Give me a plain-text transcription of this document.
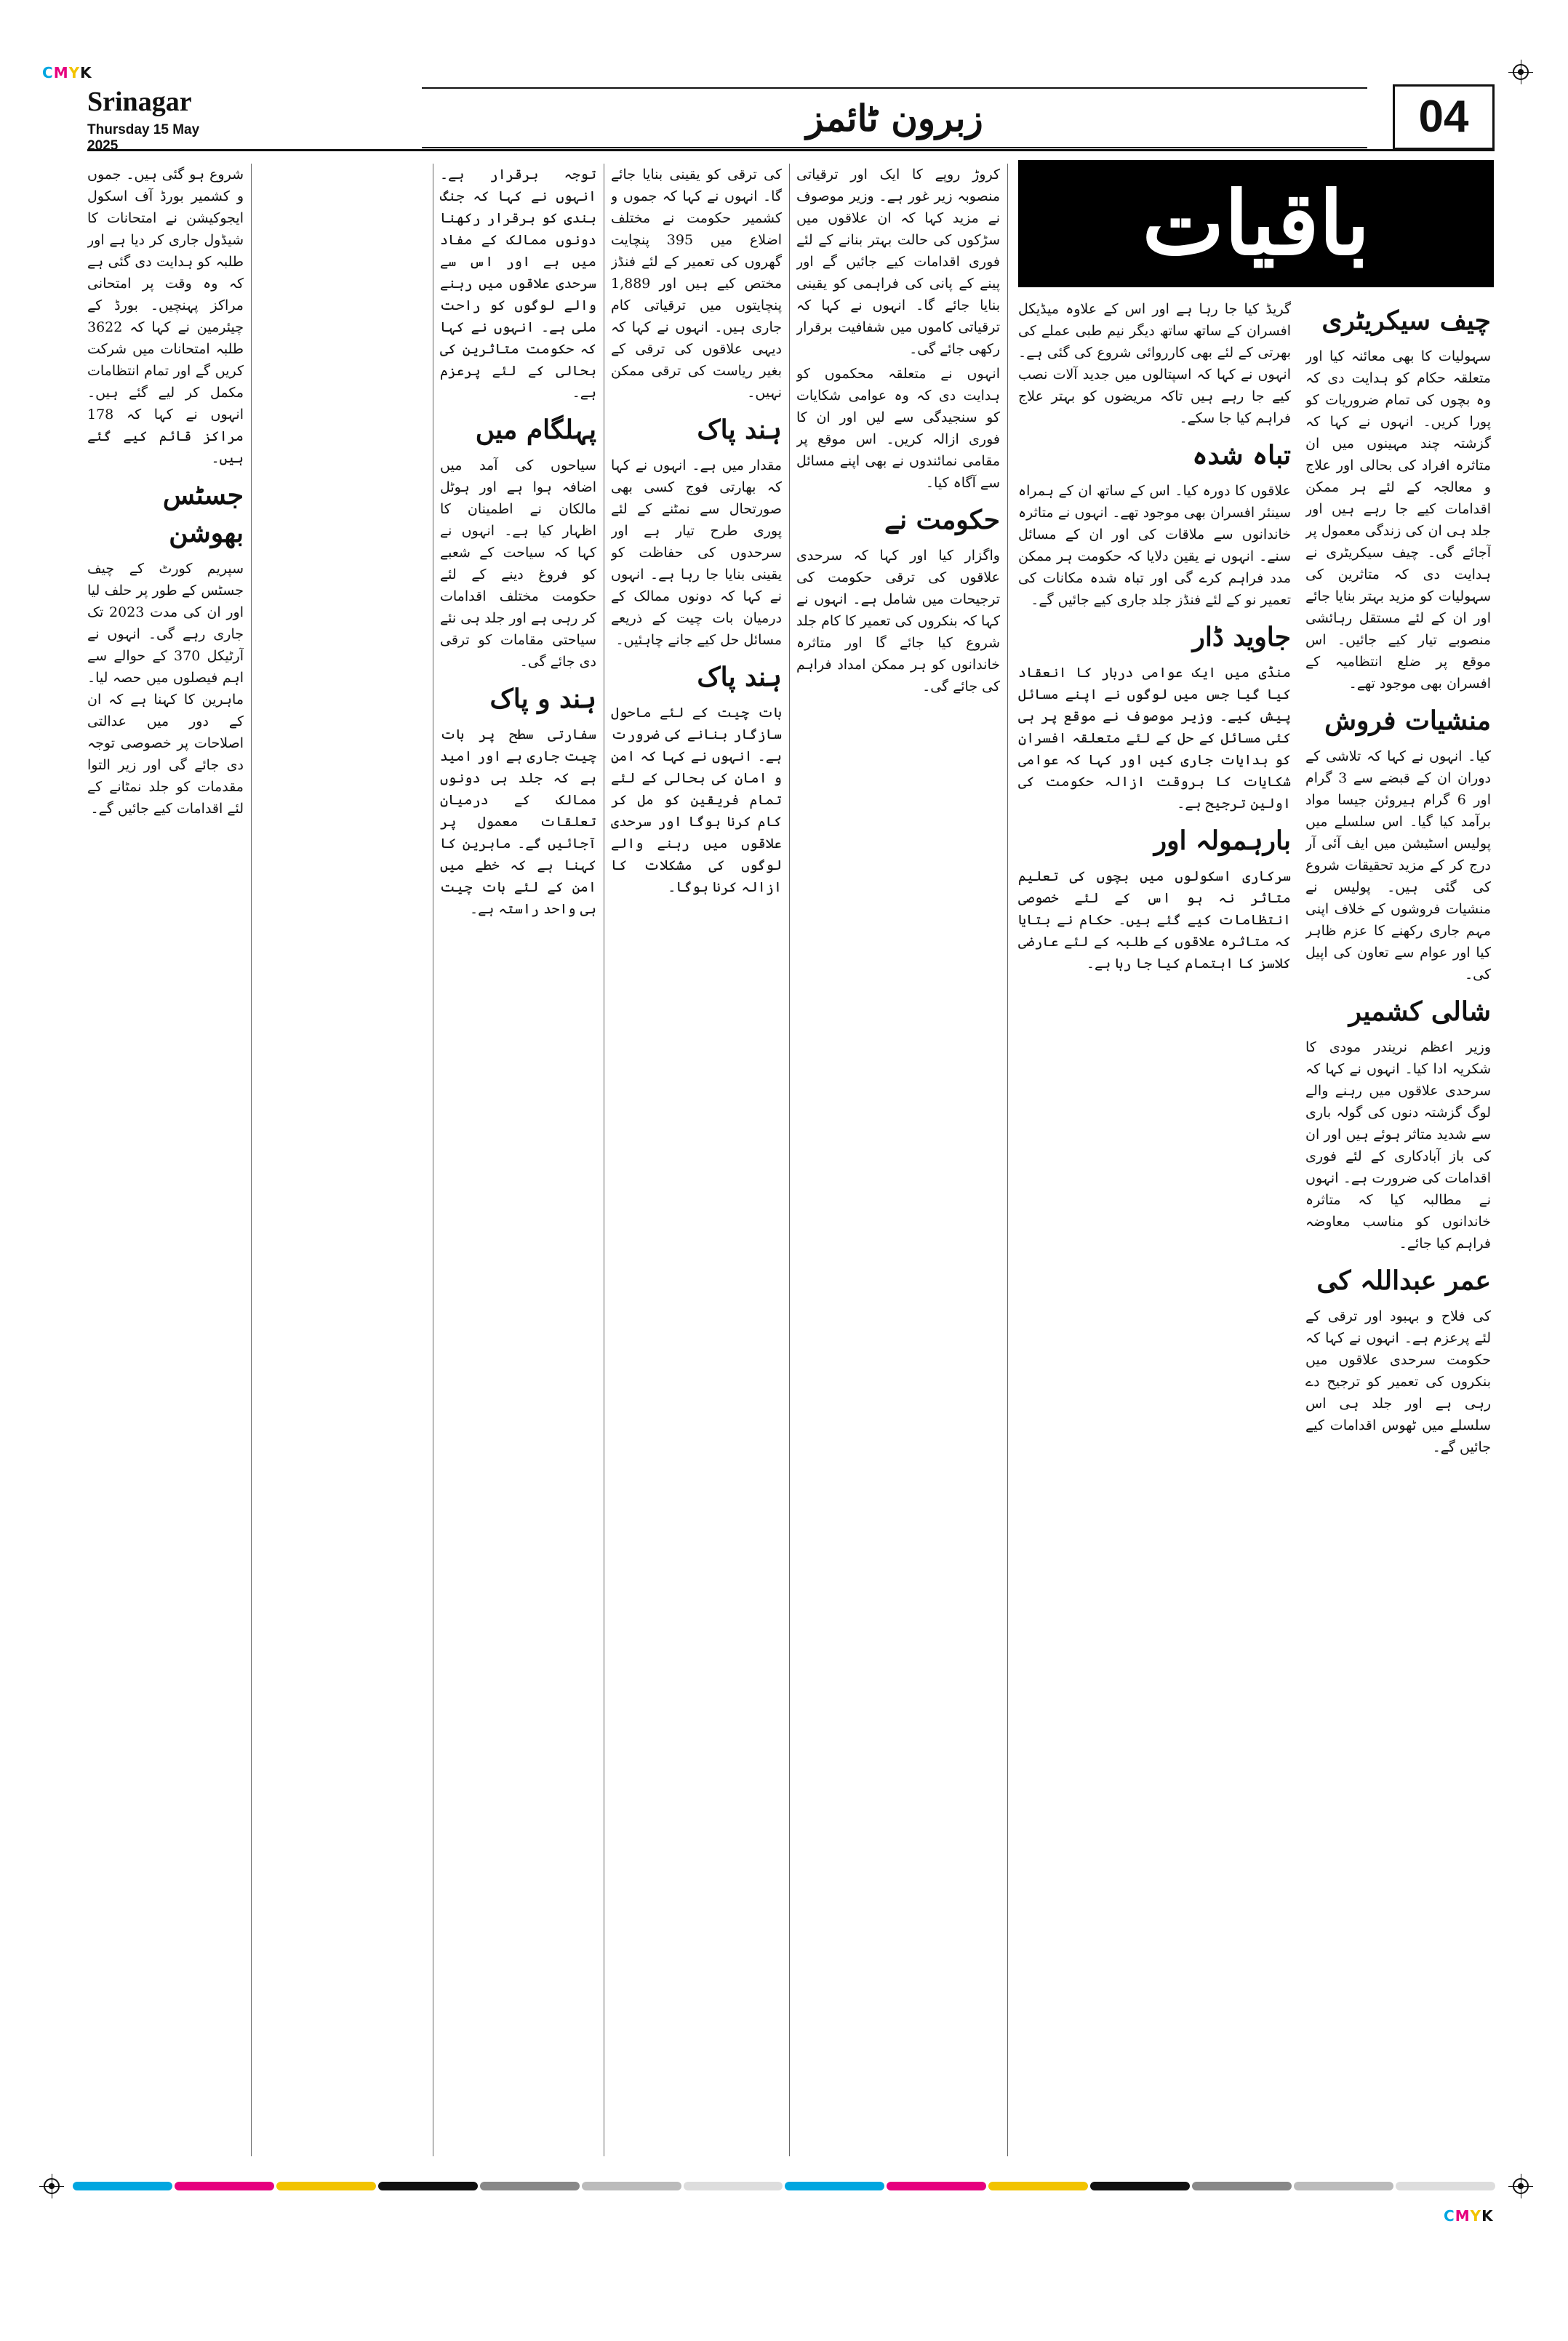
CMYK
CMYK
Srinagar
Thursday 15 May 2025
زبرون ٹائمز	04
باقیات
چیف سیکریٹری

سہولیات کا بھی معائنہ کیا اور متعلقہ حکام کو ہدایت دی کہ وہ بچوں کی تمام ضروریات کو پورا کریں۔ انہوں نے کہا کہ گزشتہ چند مہینوں میں ان متاثرہ افراد کی بحالی اور علاج و معالجہ کے لئے ہر ممکن اقدامات کیے جا رہے ہیں اور جلد ہی ان کی زندگی معمول پر آجائے گی۔ چیف سیکریٹری نے ہدایت دی کہ متاثرین کی سہولیات کو مزید بہتر بنایا جائے اور ان کے لئے مستقل رہائشی منصوبے تیار کیے جائیں۔ اس موقع پر ضلع انتظامیہ کے افسران بھی موجود تھے۔

منشیات فروش

کیا۔ انہوں نے کہا کہ تلاشی کے دوران ان کے قبضے سے 3 گرام اور 6 گرام ہیروئن جیسا مواد برآمد کیا گیا۔ اس سلسلے میں پولیس اسٹیشن میں ایف آئی آر درج کر کے مزید تحقیقات شروع کی گئی ہیں۔ پولیس نے منشیات فروشوں کے خلاف اپنی مہم جاری رکھنے کا عزم ظاہر کیا اور عوام سے تعاون کی اپیل کی۔

شالی کشمیر

وزیر اعظم نریندر مودی کا شکریہ ادا کیا۔ انہوں نے کہا کہ سرحدی علاقوں میں رہنے والے لوگ گزشتہ دنوں کی گولہ باری سے شدید متاثر ہوئے ہیں اور ان کی باز آبادکاری کے لئے فوری اقدامات کی ضرورت ہے۔ انہوں نے مطالبہ کیا کہ متاثرہ خاندانوں کو مناسب معاوضہ فراہم کیا جائے۔

عمر عبداللہ کی

کی فلاح و بہبود اور ترقی کے لئے پرعزم ہے۔ انہوں نے کہا کہ حکومت سرحدی علاقوں میں بنکروں کی تعمیر کو ترجیح دے رہی ہے اور جلد ہی اس سلسلے میں ٹھوس اقدامات کیے جائیں گے۔

گریڈ کیا جا رہا ہے اور اس کے علاوہ میڈیکل افسران کے ساتھ ساتھ دیگر نیم طبی عملے کی بھرتی کے لئے بھی کارروائی شروع کی گئی ہے۔ انہوں نے کہا کہ اسپتالوں میں جدید آلات نصب کیے جا رہے ہیں تاکہ مریضوں کو بہتر علاج فراہم کیا جا سکے۔

تباہ شدہ

علاقوں کا دورہ کیا۔ اس کے ساتھ ان کے ہمراہ سینئر افسران بھی موجود تھے۔ انہوں نے متاثرہ خاندانوں سے ملاقات کی اور ان کے مسائل سنے۔ انہوں نے یقین دلایا کہ حکومت ہر ممکن مدد فراہم کرے گی اور تباہ شدہ مکانات کی تعمیر نو کے لئے فنڈز جلد جاری کیے جائیں گے۔

جاوید ڈار

منڈی میں ایک عوامی دربار کا انعقاد کیا گیا جس میں لوگوں نے اپنے مسائل پیش کیے۔ وزیر موصوف نے موقع پر ہی کئی مسائل کے حل کے لئے متعلقہ افسران کو ہدایات جاری کیں اور کہا کہ عوامی شکایات کا بروقت ازالہ حکومت کی اولین ترجیح ہے۔

بارہمولہ اور

سرکاری اسکولوں میں بچوں کی تعلیم متاثر نہ ہو اس کے لئے خصوصی انتظامات کیے گئے ہیں۔ حکام نے بتایا کہ متاثرہ علاقوں کے طلبہ کے لئے عارضی کلاسز کا اہتمام کیا جا رہا ہے۔

کروڑ روپے کا ایک اور ترقیاتی منصوبہ زیر غور ہے۔ وزیر موصوف نے مزید کہا کہ ان علاقوں میں سڑکوں کی حالت بہتر بنانے کے لئے فوری اقدامات کیے جائیں گے اور پینے کے پانی کی فراہمی کو یقینی بنایا جائے گا۔ انہوں نے کہا کہ ترقیاتی کاموں میں شفافیت برقرار رکھی جائے گی۔

انہوں نے متعلقہ محکموں کو ہدایت دی کہ وہ عوامی شکایات کو سنجیدگی سے لیں اور ان کا فوری ازالہ کریں۔ اس موقع پر مقامی نمائندوں نے بھی اپنے مسائل سے آگاہ کیا۔

حکومت نے

واگزار کیا اور کہا کہ سرحدی علاقوں کی ترقی حکومت کی ترجیحات میں شامل ہے۔ انہوں نے کہا کہ بنکروں کی تعمیر کا کام جلد شروع کیا جائے گا اور متاثرہ خاندانوں کو ہر ممکن امداد فراہم کی جائے گی۔

کی ترقی کو یقینی بنایا جائے گا۔ انہوں نے کہا کہ جموں و کشمیر حکومت نے مختلف اضلاع میں 395 پنچایت گھروں کی تعمیر کے لئے فنڈز مختص کیے ہیں اور 1,889 پنچایتوں میں ترقیاتی کام جاری ہیں۔ انہوں نے کہا کہ دیہی علاقوں کی ترقی کے بغیر ریاست کی ترقی ممکن نہیں۔

ہند پاک

مقدار میں ہے۔ انہوں نے کہا کہ بھارتی فوج کسی بھی صورتحال سے نمٹنے کے لئے پوری طرح تیار ہے اور سرحدوں کی حفاظت کو یقینی بنایا جا رہا ہے۔ انہوں نے کہا کہ دونوں ممالک کے درمیان بات چیت کے ذریعے مسائل حل کیے جانے چاہئیں۔

ہند پاک

بات چیت کے لئے ماحول سازگار بنانے کی ضرورت ہے۔ انہوں نے کہا کہ امن و امان کی بحالی کے لئے تمام فریقین کو مل کر کام کرنا ہوگا اور سرحدی علاقوں میں رہنے والے لوگوں کی مشکلات کا ازالہ کرنا ہوگا۔

توجہ برقرار ہے۔ انہوں نے کہا کہ جنگ بندی کو برقرار رکھنا دونوں ممالک کے مفاد میں ہے اور اس سے سرحدی علاقوں میں رہنے والے لوگوں کو راحت ملی ہے۔ انہوں نے کہا کہ حکومت متاثرین کی بحالی کے لئے پرعزم ہے۔

پہلگام میں

سیاحوں کی آمد میں اضافہ ہوا ہے اور ہوٹل مالکان نے اطمینان کا اظہار کیا ہے۔ انہوں نے کہا کہ سیاحت کے شعبے کو فروغ دینے کے لئے حکومت مختلف اقدامات کر رہی ہے اور جلد ہی نئے سیاحتی مقامات کو ترقی دی جائے گی۔

ہند و پاک

سفارتی سطح پر بات چیت جاری ہے اور امید ہے کہ جلد ہی دونوں ممالک کے درمیان تعلقات معمول پر آجائیں گے۔ ماہرین کا کہنا ہے کہ خطے میں امن کے لئے بات چیت ہی واحد راستہ ہے۔

شروع ہو گئی ہیں۔ جموں و کشمیر بورڈ آف اسکول ایجوکیشن نے امتحانات کا شیڈول جاری کر دیا ہے اور طلبہ کو ہدایت دی گئی ہے کہ وہ وقت پر امتحانی مراکز پہنچیں۔ بورڈ کے چیئرمین نے کہا کہ 3622 طلبہ امتحانات میں شرکت کریں گے اور تمام انتظامات مکمل کر لیے گئے ہیں۔ انہوں نے کہا کہ 178 مراکز قائم کیے گئے ہیں۔

جسٹس بھوشن

سپریم کورٹ کے چیف جسٹس کے طور پر حلف لیا اور ان کی مدت 2023 تک جاری رہے گی۔ انہوں نے آرٹیکل 370 کے حوالے سے اہم فیصلوں میں حصہ لیا۔ ماہرین کا کہنا ہے کہ ان کے دور میں عدالتی اصلاحات پر خصوصی توجہ دی جائے گی اور زیر التوا مقدمات کو جلد نمٹانے کے لئے اقدامات کیے جائیں گے۔
